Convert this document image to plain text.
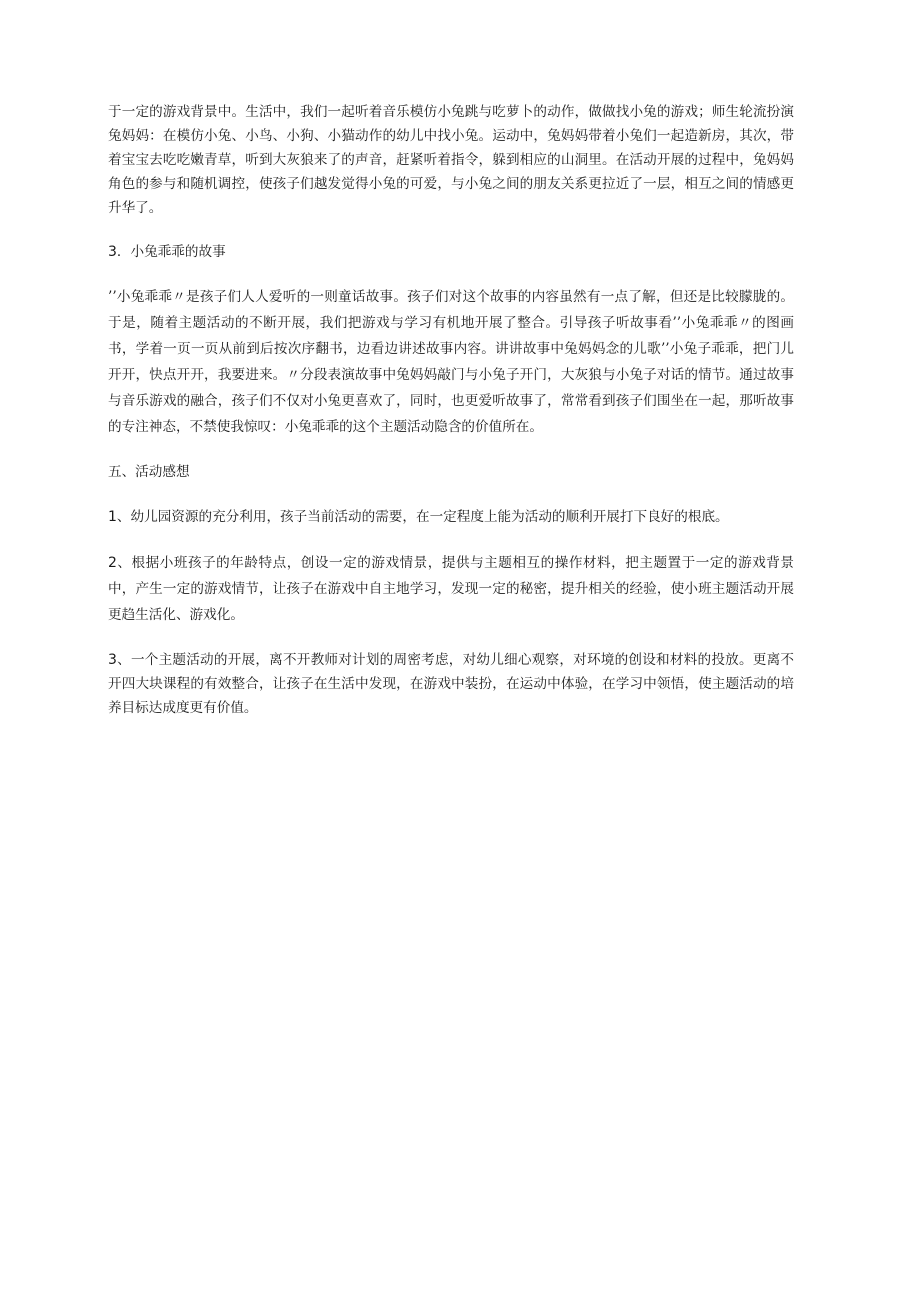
于一定的游戏背景中。生活中，我们一起听着音乐模仿小兔跳与吃萝卜的动作，做做找小兔的游戏；师生轮流扮演兔妈妈：在模仿小兔、小鸟、小狗、小猫动作的幼儿中找小兔。运动中，兔妈妈带着小兔们一起造新房，其次，带着宝宝去吃吃嫩青草，听到大灰狼来了的声音，赶紧听着指令，躲到相应的山洞里。在活动开展的过程中，兔妈妈角色的参与和随机调控，使孩子们越发觉得小兔的可爱，与小兔之间的朋友关系更拉近了一层，相互之间的情感更升华了。

3．小兔乖乖的故事

’’小兔乖乖〃是孩子们人人爱听的一则童话故事。孩子们对这个故事的内容虽然有一点了解，但还是比较朦胧的。于是，随着主题活动的不断开展，我们把游戏与学习有机地开展了整合。引导孩子听故事看’’小兔乖乖〃的图画书，学着一页一页从前到后按次序翻书，边看边讲述故事内容。讲讲故事中兔妈妈念的儿歌’’小兔子乖乖，把门儿开开，快点开开，我要进来。〃分段表演故事中兔妈妈敲门与小兔子开门，大灰狼与小兔子对话的情节。通过故事与音乐游戏的融合，孩子们不仅对小兔更喜欢了，同时，也更爱听故事了，常常看到孩子们围坐在一起，那听故事的专注神态，不禁使我惊叹：小兔乖乖的这个主题活动隐含的价值所在。

五、活动感想

1、幼儿园资源的充分利用，孩子当前活动的需要，在一定程度上能为活动的顺利开展打下良好的根底。

2、根据小班孩子的年龄特点，创设一定的游戏情景，提供与主题相互的操作材料，把主题置于一定的游戏背景中，产生一定的游戏情节，让孩子在游戏中自主地学习，发现一定的秘密，提升相关的经验，使小班主题活动开展更趋生活化、游戏化。

3、一个主题活动的开展，离不开教师对计划的周密考虑，对幼儿细心观察，对环境的创设和材料的投放。更离不开四大块课程的有效整合，让孩子在生活中发现，在游戏中装扮，在运动中体验，在学习中领悟，使主题活动的培养目标达成度更有价值。
